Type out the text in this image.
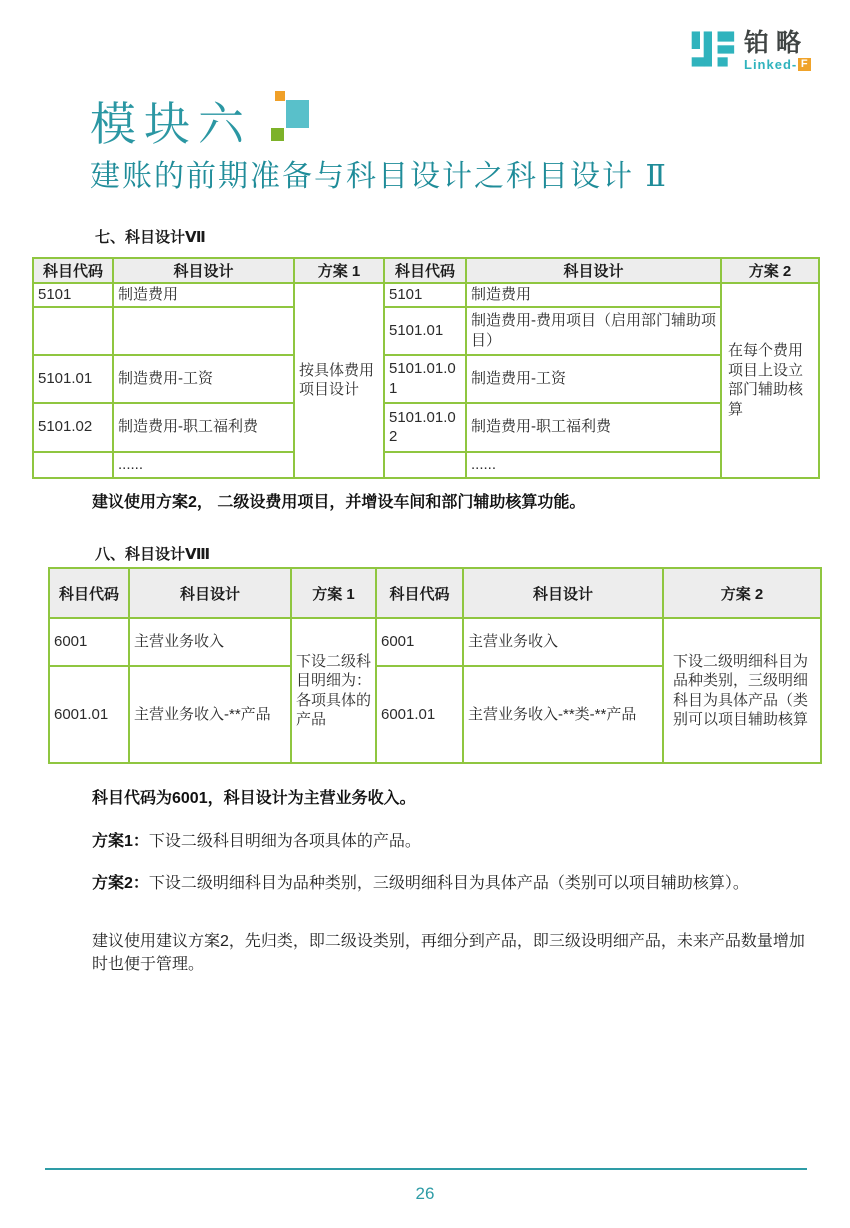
铂略
Linked- F
模块六
建账的前期准备与科目设计之科目设计 Ⅱ
七、科目设计Ⅶ
科目代码	科目设计	方案 1	科目代码	科目设计	方案 2
5101	制造费用	按具体费用项目设计	5101	制造费用	在每个费用项目上设立部门辅助核算
			5101.01	制造费用-费用项目（启用部门辅助项目）	
5101.01	制造费用-工资		5101.01.01	制造费用-工资	
5101.02	制造费用-职工福利费		5101.01.02	制造费用-职工福利费	
	......			......	
建议使用方案2， 二级设费用项目，并增设车间和部门辅助核算功能。
八、科目设计Ⅷ
科目代码	科目设计	方案 1	科目代码	科目设计	方案 2
6001	主营业务收入	下设二级科目明细为：各项具体的产品	6001	主营业务收入	下设二级明细科目为品种类别，三级明细科目为具体产品（类别可以项目辅助核算
6001.01	主营业务收入-**产品		6001.01	主营业务收入-**类-**产品	
科目代码为6001，科目设计为主营业务收入。
方案1：下设二级科目明细为各项具体的产品。
方案2：下设二级明细科目为品种类别，三级明细科目为具体产品（类别可以项目辅助核算）。
建议使用建议方案2，先归类，即二级设类别，再细分到产品，即三级设明细产品，未来产品数量增加时也便于管理。
26
